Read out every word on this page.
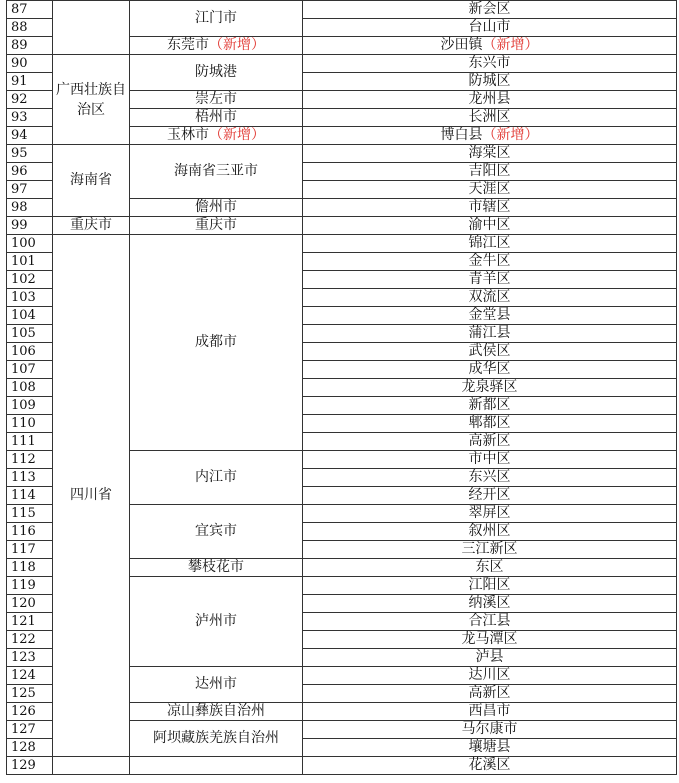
87		江门市	新会区
88			台山市
89		东莞市（新增）	沙田镇（新增）
90	广西壮族自治区	防城港	东兴市
91			防城区
92		崇左市	龙州县
93		梧州市	长洲区
94		玉林市（新增）	博白县（新增）
95	海南省	海南省三亚市	海棠区
96			吉阳区
97			天涯区
98		儋州市	市辖区
99	重庆市	重庆市	渝中区
100	四川省	成都市	锦江区
101			金牛区
102			青羊区
103			双流区
104			金堂县
105			蒲江县
106			武侯区
107			成华区
108			龙泉驿区
109			新都区
110			郫都区
111			高新区
112		内江市	市中区
113			东兴区
114			经开区
115		宜宾市	翠屏区
116			叙州区
117			三江新区
118		攀枝花市	东区
119		泸州市	江阳区
120			纳溪区
121			合江县
122			龙马潭区
123			泸县
124		达州市	达川区
125			高新区
126		凉山彝族自治州	西昌市
127		阿坝藏族羌族自治州	马尔康市
128			壤塘县
129			花溪区
